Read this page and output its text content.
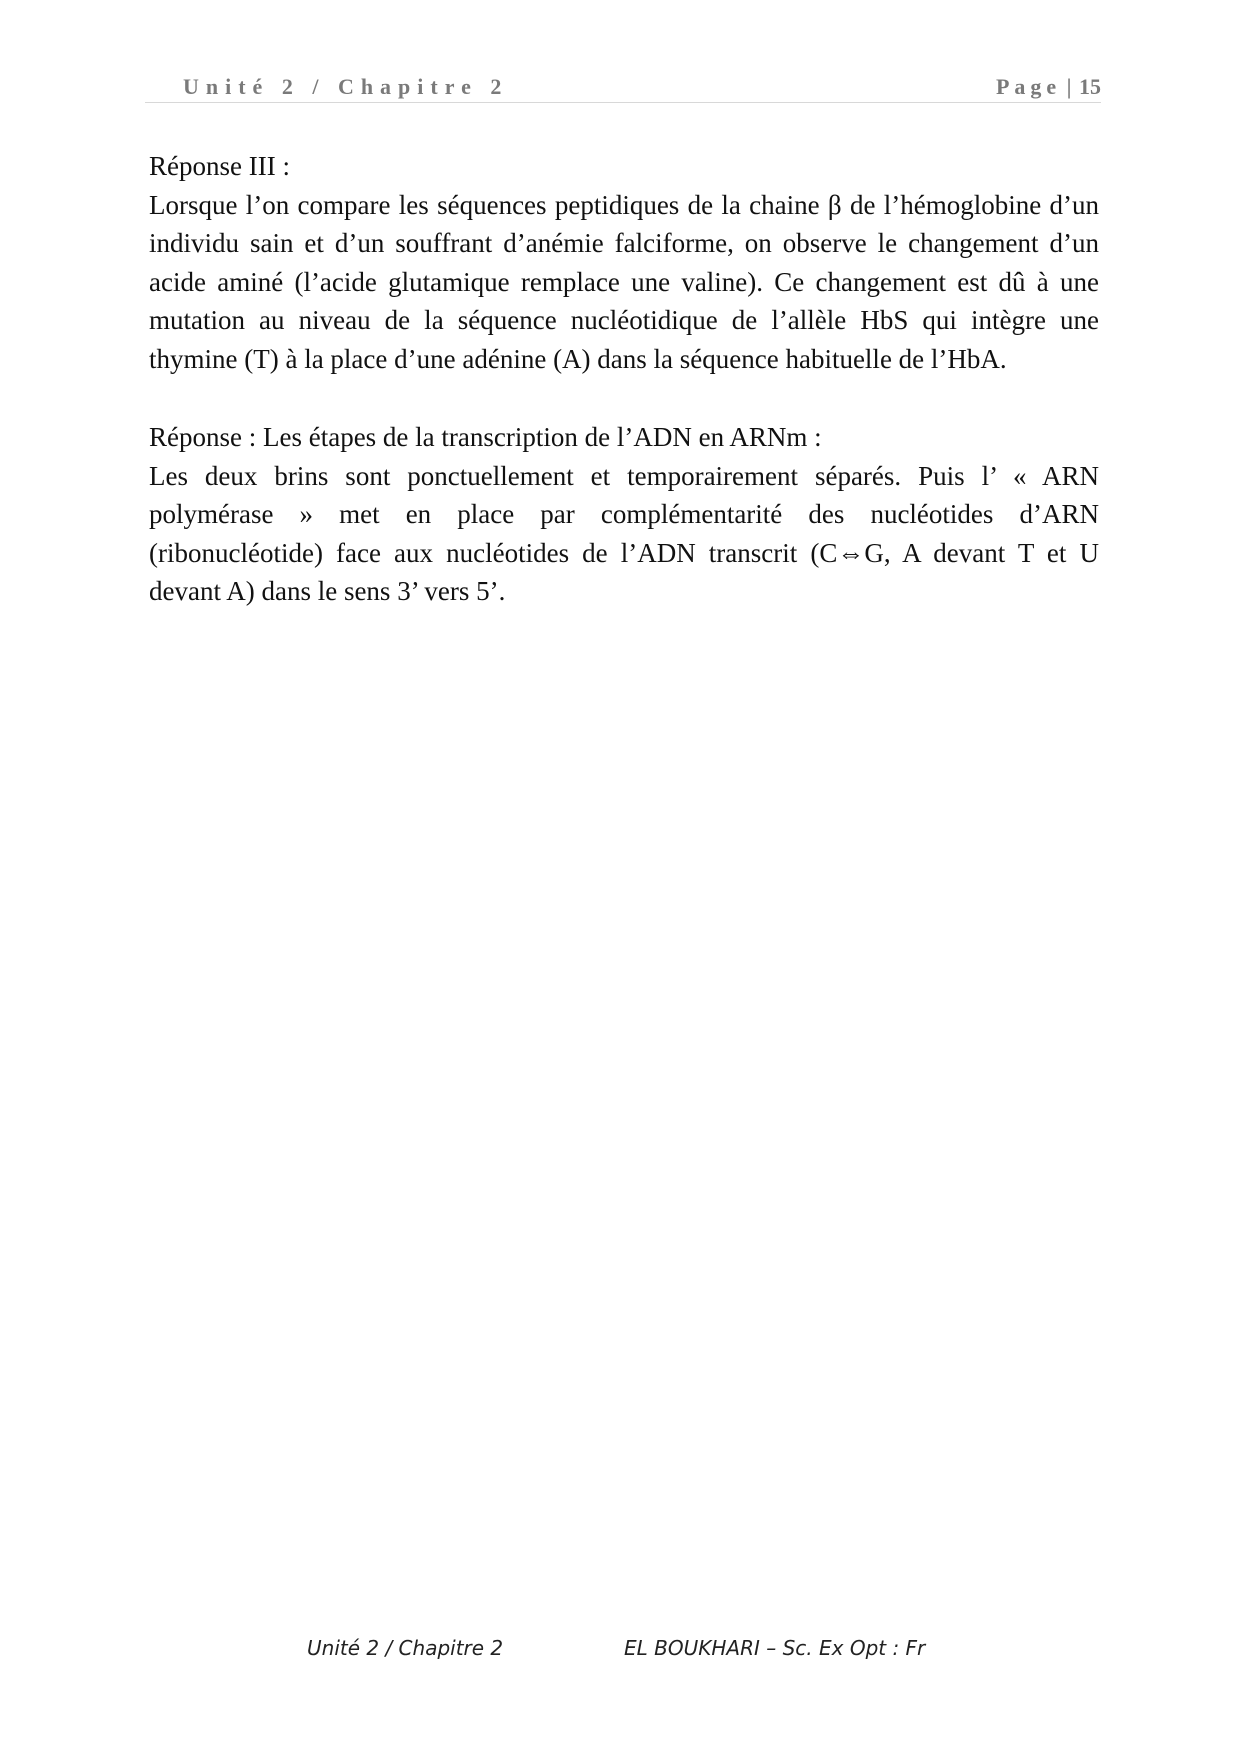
Unité 2 / Chapitre 2	Page | 15

Réponse III :

Lorsque l’on compare les séquences peptidiques de la chaine β de l’hémoglobine d’un individu sain et d’un souffrant d’anémie falciforme, on observe le changement d’un acide aminé (l’acide glutamique remplace une valine). Ce changement est dû à une mutation au niveau de la séquence nucléotidique de l’allèle HbS qui intègre une thymine (T) à la place d’une adénine (A) dans la séquence habituelle de l’HbA.

Réponse : Les étapes de la transcription de l’ADN en ARNm :

Les deux brins sont ponctuellement et temporairement séparés. Puis l’ « ARN polymérase » met en place par complémentarité des nucléotides d’ARN (ribonucléotide) face aux nucléotides de l’ADN transcrit (C⇔G, A devant T et U devant A) dans le sens 3’ vers 5’.

Unité 2 / Chapitre 2	EL BOUKHARI – Sc. Ex Opt : Fr
